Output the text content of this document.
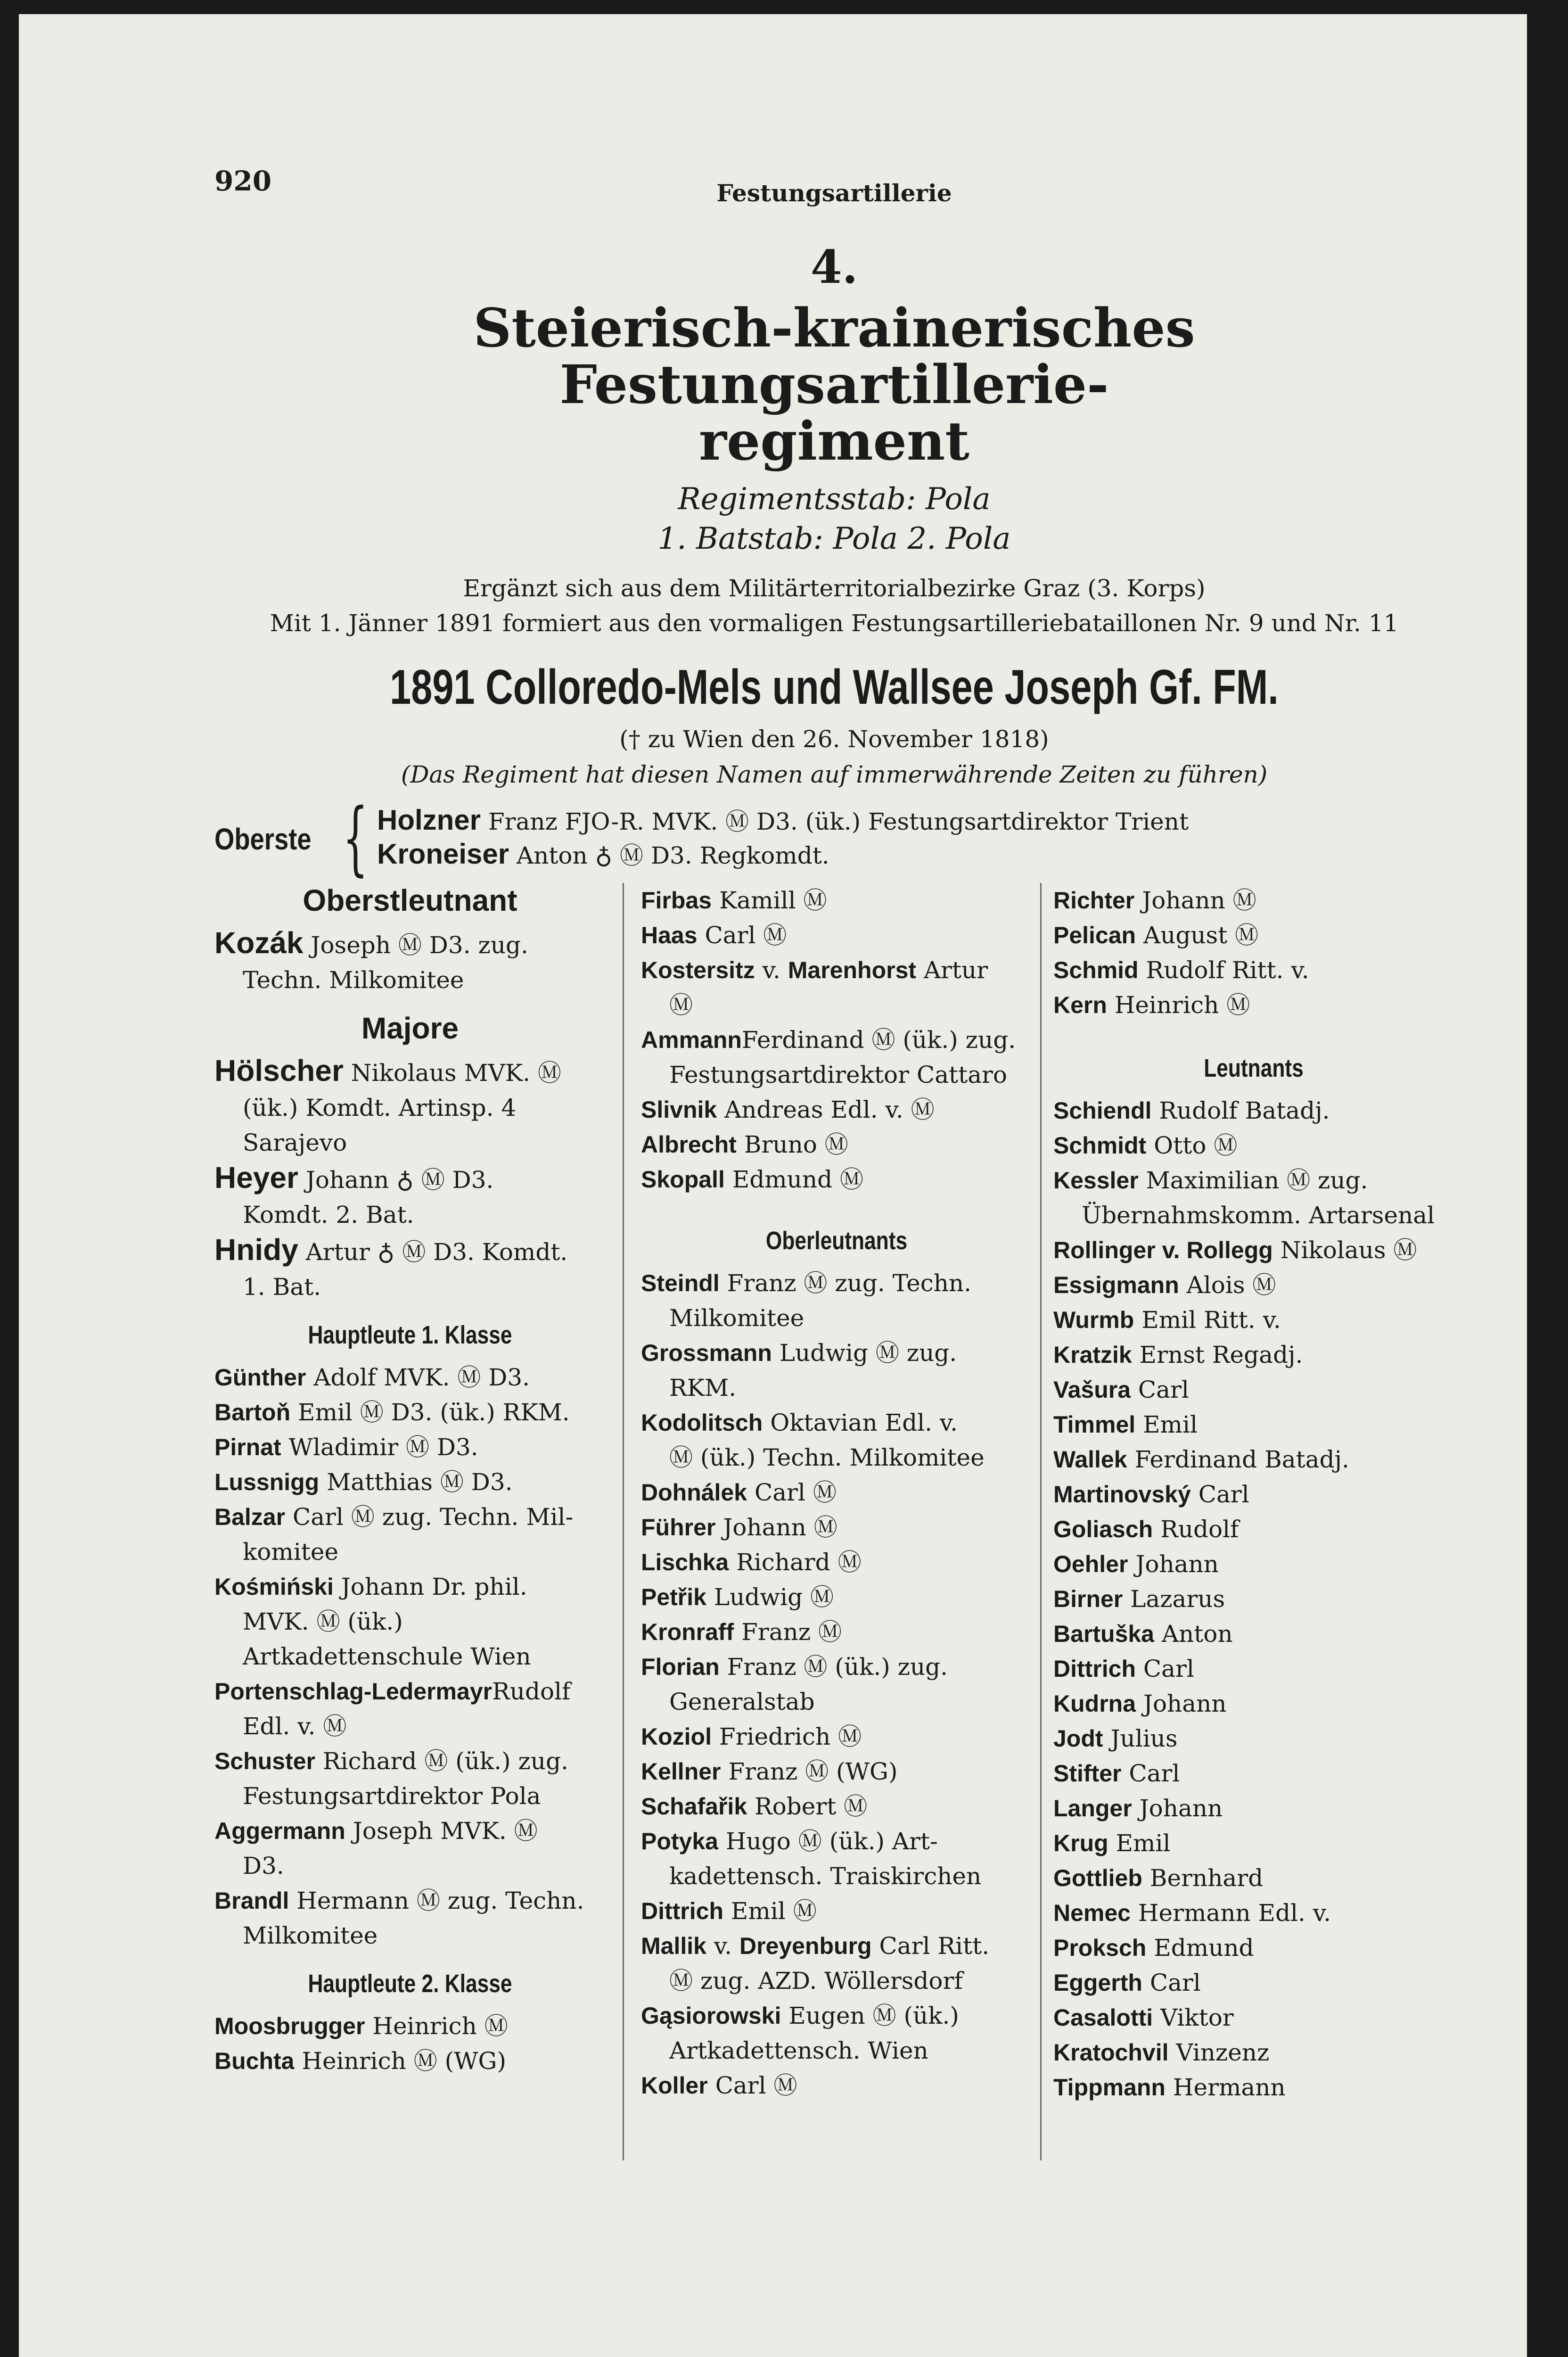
920	Festungsartillerie
4.
Steierisch-krainerisches Festungsartillerie-
regiment
Regimentsstab: Pola
1. Batstab: Pola 2. Pola
Ergänzt sich aus dem Militärterritorialbezirke Graz (3. Korps)
Mit 1. Jänner 1891 formiert aus den vormaligen Festungsartilleriebataillonen Nr. 9 und Nr. 11
1891 Colloredo-Mels und Wallsee Joseph Gf. FM.
(† zu Wien den 26. November 1818)
(Das Regiment hat diesen Namen auf immerwährende Zeiten zu führen)
Oberste { Holzner Franz FJO-R. MVK. Ⓜ D3. (ük.) Festungsartdirektor Trient
Kroneiser Anton ♁ Ⓜ D3. Regkomdt.
Oberstleutnant
Kozák Joseph Ⓜ D3. zug.
Techn. Milkomitee
Majore
Hölscher Nikolaus MVK. Ⓜ
(ük.) Komdt. Artinsp. 4 Sarajevo
Heyer Johann ♁ Ⓜ D3.
Komdt. 2. Bat.
Hnidy Artur ♁ Ⓜ D3. Komdt.
1. Bat.
Hauptleute 1. Klasse
Günther Adolf MVK. Ⓜ D3.
Bartoň Emil Ⓜ D3. (ük.) RKM.
Pirnat Wladimir Ⓜ D3.
Lussnigg Matthias Ⓜ D3.
Balzar Carl Ⓜ zug. Techn. Mil-
komitee
Kośmiński Johann Dr. phil.
MVK. Ⓜ (ük.) Artkadettenschule Wien
Portenschlag-LedermayrRudolf
Edl. v. Ⓜ
Schuster Richard Ⓜ (ük.) zug.
Festungsartdirektor Pola
Aggermann Joseph MVK. Ⓜ
D3.
Brandl Hermann Ⓜ zug. Techn.
Milkomitee
Hauptleute 2. Klasse
Moosbrugger Heinrich Ⓜ
Buchta Heinrich Ⓜ (WG)
Firbas Kamill Ⓜ
Haas Carl Ⓜ
Kostersitz v. Marenhorst Artur
Ⓜ
AmmannFerdinand Ⓜ (ük.) zug.
Festungsartdirektor Cattaro
Slivnik Andreas Edl. v. Ⓜ
Albrecht Bruno Ⓜ
Skopall Edmund Ⓜ
Oberleutnants
Steindl Franz Ⓜ zug. Techn.
Milkomitee
Grossmann Ludwig Ⓜ zug.
RKM.
Kodolitsch Oktavian Edl. v.
Ⓜ (ük.) Techn. Milkomitee
Dohnálek Carl Ⓜ
Führer Johann Ⓜ
Lischka Richard Ⓜ
Petřik Ludwig Ⓜ
Kronraff Franz Ⓜ
Florian Franz Ⓜ (ük.) zug.
Generalstab
Koziol Friedrich Ⓜ
Kellner Franz Ⓜ (WG)
Schafařik Robert Ⓜ
Potyka Hugo Ⓜ (ük.) Art-
kadettensch. Traiskirchen
Dittrich Emil Ⓜ
Mallik v. Dreyenburg Carl Ritt.
Ⓜ zug. AZD. Wöllersdorf
Gąsiorowski Eugen Ⓜ (ük.)
Artkadettensch. Wien
Koller Carl Ⓜ
Richter Johann Ⓜ
Pelican August Ⓜ
Schmid Rudolf Ritt. v.
Kern Heinrich Ⓜ
Leutnants
Schiendl Rudolf Batadj.
Schmidt Otto Ⓜ
Kessler Maximilian Ⓜ zug.
Übernahmskomm. Artarsenal
Rollinger v. Rollegg Nikolaus Ⓜ
Essigmann Alois Ⓜ
Wurmb Emil Ritt. v.
Kratzik Ernst Regadj.
Vašura Carl
Timmel Emil
Wallek Ferdinand Batadj.
Martinovský Carl
Goliasch Rudolf
Oehler Johann
Birner Lazarus
Bartuška Anton
Dittrich Carl
Kudrna Johann
Jodt Julius
Stifter Carl
Langer Johann
Krug Emil
Gottlieb Bernhard
Nemec Hermann Edl. v.
Proksch Edmund
Eggerth Carl
Casalotti Viktor
Kratochvil Vinzenz
Tippmann Hermann
